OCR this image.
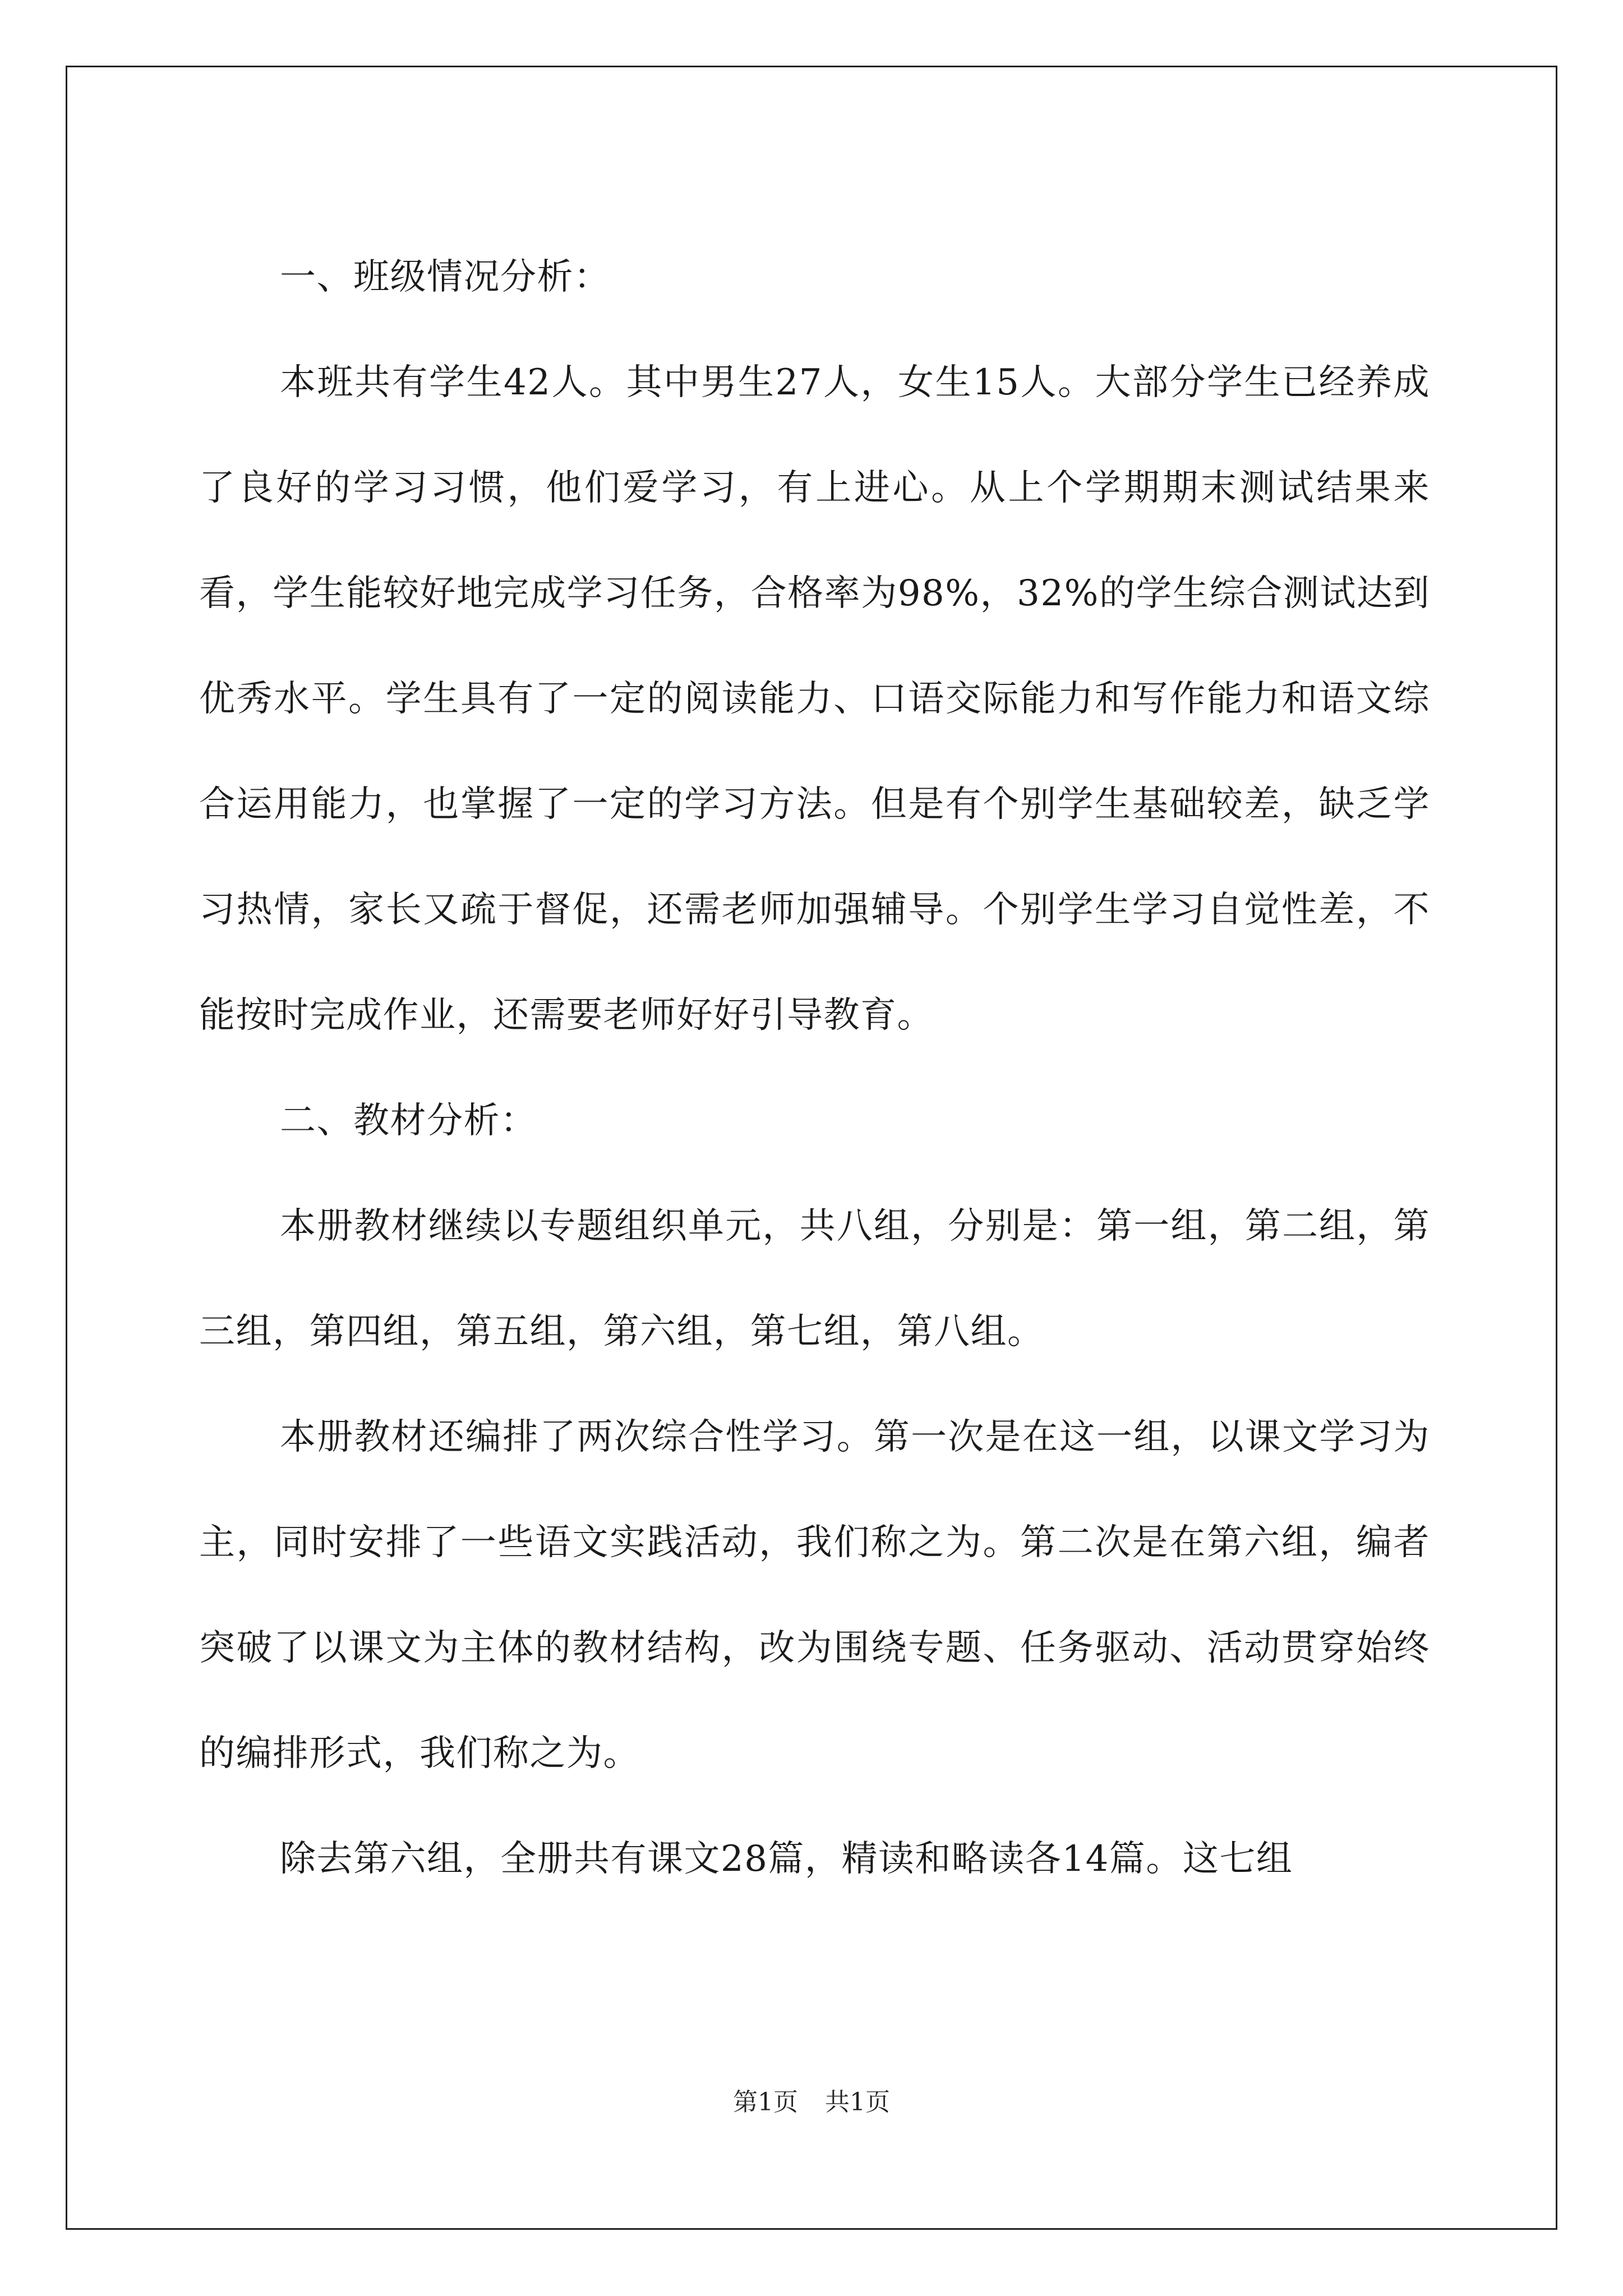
一、班级情况分析：

本班共有学生42人。其中男生27人，女生15人。大部分学生已经养成了良好的学习习惯，他们爱学习，有上进心。从上个学期期末测试结果来看，学生能较好地完成学习任务，合格率为98%，32%的学生综合测试达到优秀水平。学生具有了一定的阅读能力、口语交际能力和写作能力和语文综合运用能力，也掌握了一定的学习方法。但是有个别学生基础较差，缺乏学习热情，家长又疏于督促，还需老师加强辅导。个别学生学习自觉性差，不能按时完成作业，还需要老师好好引导教育。

二、教材分析：

本册教材继续以专题组织单元，共八组，分别是：第一组，第二组，第三组，第四组，第五组，第六组，第七组，第八组。

本册教材还编排了两次综合性学习。第一次是在这一组，以课文学习为主，同时安排了一些语文实践活动，我们称之为。第二次是在第六组，编者突破了以课文为主体的教材结构，改为围绕专题、任务驱动、活动贯穿始终的编排形式，我们称之为。

除去第六组，全册共有课文28篇，精读和略读各14篇。这七组

第1页 共1页
